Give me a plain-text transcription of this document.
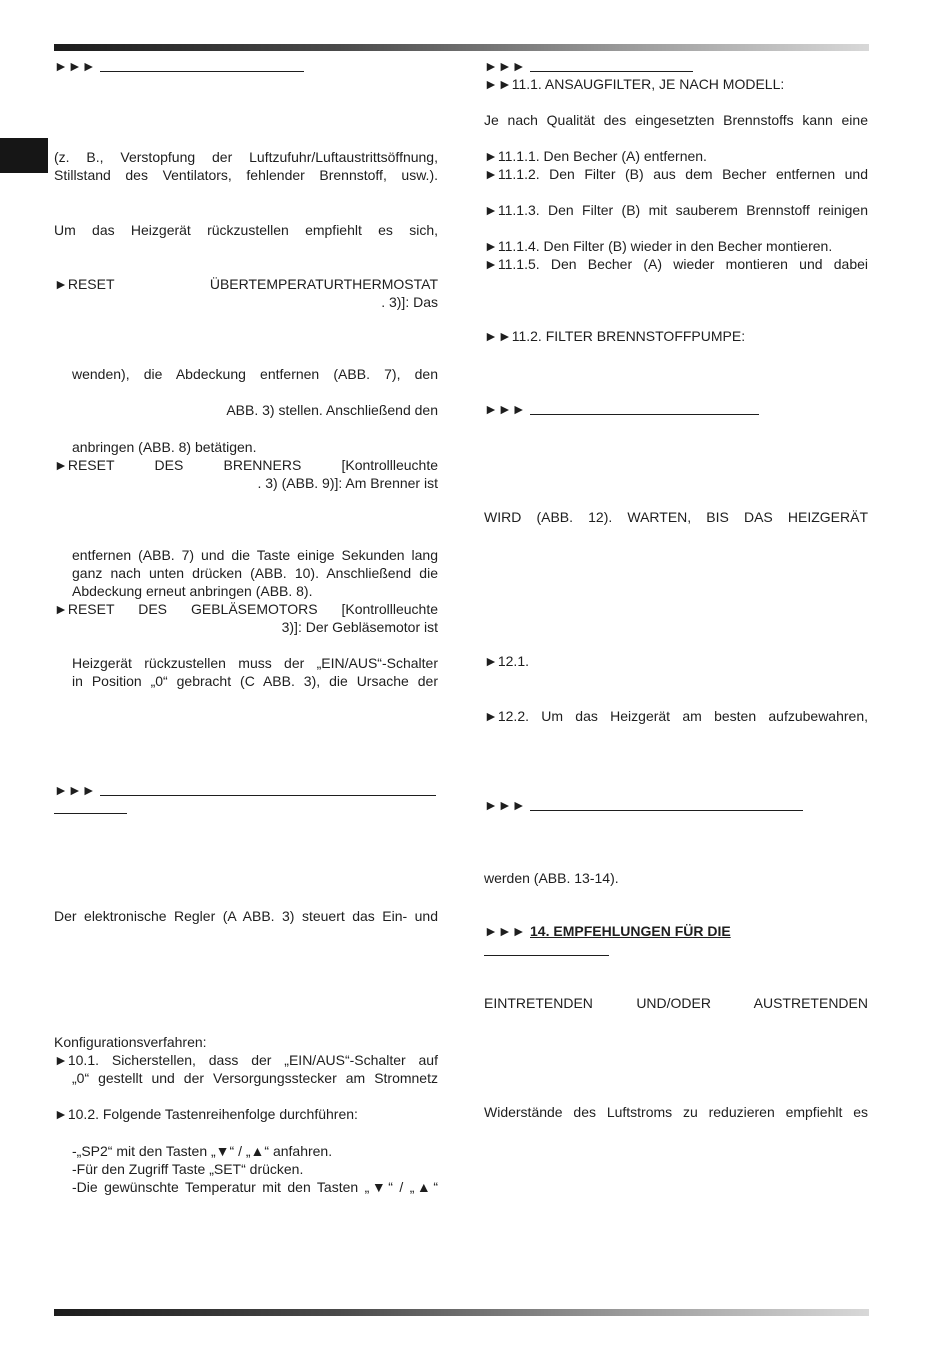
►►►
(z. B., Verstopfung der Luftzufuhr/Luftaustrittsöffnung,
Stillstand des Ventilators, fehlender Brennstoff, usw.).
Um das Heizgerät rückzustellen empfiehlt es sich,
►RESET	ÜBERTEMPERATURTHERMOSTAT
. 3)]: Das
wenden), die Abdeckung entfernen (ABB. 7), den
ABB. 3) stellen. Anschließend den
anbringen (ABB. 8) betätigen.
►RESET DES BRENNERS [Kontrollleuchte
. 3) (ABB. 9)]: Am Brenner ist
entfernen (ABB. 7) und die Taste einige Sekunden lang
ganz nach unten drücken (ABB. 10). Anschließend die
Abdeckung erneut anbringen (ABB. 8).
►RESET DES GEBLÄSEMOTORS [Kontrollleuchte
3)]: Der Gebläsemotor ist
Heizgerät rückzustellen muss der „EIN/AUS“-Schalter
in Position „0“ gebracht (C ABB. 3), die Ursache der
►►►
Der elektronische Regler (A ABB. 3) steuert das Ein- und
Konfigurationsverfahren:
►10.1. Sicherstellen, dass der „EIN/AUS“-Schalter auf
„0“ gestellt und der Versorgungsstecker am Stromnetz
►10.2. Folgende Tastenreihenfolge durchführen:
-„SP2“ mit den Tasten „▼“ / „▲“ anfahren.
-Für den Zugriff Taste „SET“ drücken.
-Die gewünschte Temperatur mit den Tasten „▼“ / „▲“
►►►
►►11.1. ANSAUGFILTER, JE NACH MODELL:
Je nach Qualität des eingesetzten Brennstoffs kann eine
►11.1.1. Den Becher (A) entfernen.
►11.1.2. Den Filter (B) aus dem Becher entfernen und
►11.1.3. Den Filter (B) mit sauberem Brennstoff reinigen
►11.1.4. Den Filter (B) wieder in den Becher montieren.
►11.1.5. Den Becher (A) wieder montieren und dabei
►►11.2. FILTER BRENNSTOFFPUMPE:
►►►
WIRD (ABB. 12). WARTEN, BIS DAS HEIZGERÄT
►12.1.
►12.2. Um das Heizgerät am besten aufzubewahren,
►►►
werden (ABB. 13-14).
►►► 14. EMPFEHLUNGEN FÜR DIE
EINTRETENDEN UND/ODER AUSTRETENDEN
Widerstände des Luftstroms zu reduzieren empfiehlt es
